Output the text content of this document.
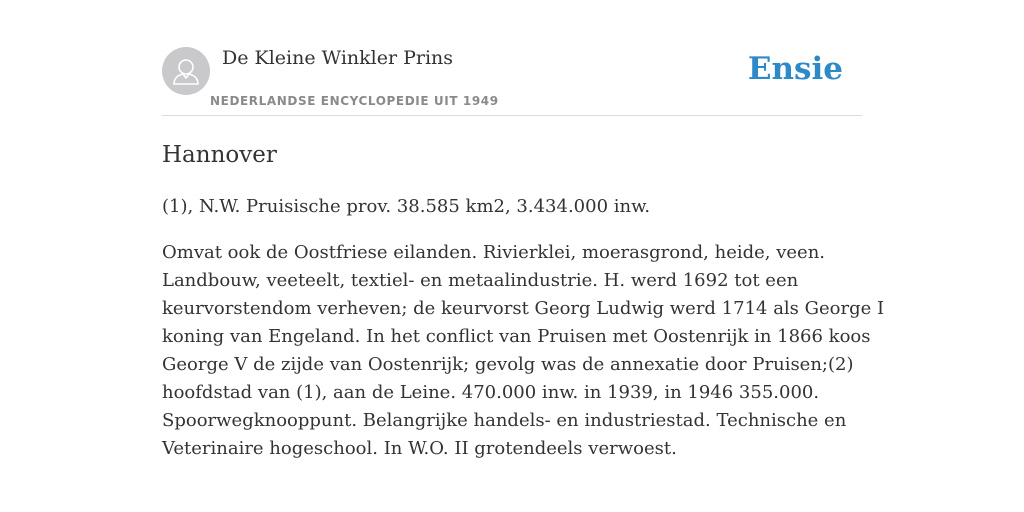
De Kleine Winkler Prins
NEDERLANDSE ENCYCLOPEDIE UIT 1949
Ensie
Hannover

(1), N.W. Pruisische prov. 38.585 km2, 3.434.000 inw.

Omvat ook de Oostfriese eilanden. Rivierklei, moerasgrond, heide, veen.
Landbouw, veeteelt, textiel- en metaalindustrie. H. werd 1692 tot een
keurvorstendom verheven; de keurvorst Georg Ludwig werd 1714 als George I
koning van Engeland. In het conflict van Pruisen met Oostenrijk in 1866 koos
George V de zijde van Oostenrijk; gevolg was de annexatie door Pruisen;(2)
hoofdstad van (1), aan de Leine. 470.000 inw. in 1939, in 1946 355.000.
Spoorwegknooppunt. Belangrijke handels- en industriestad. Technische en
Veterinaire hogeschool. In W.O. II grotendeels verwoest.
